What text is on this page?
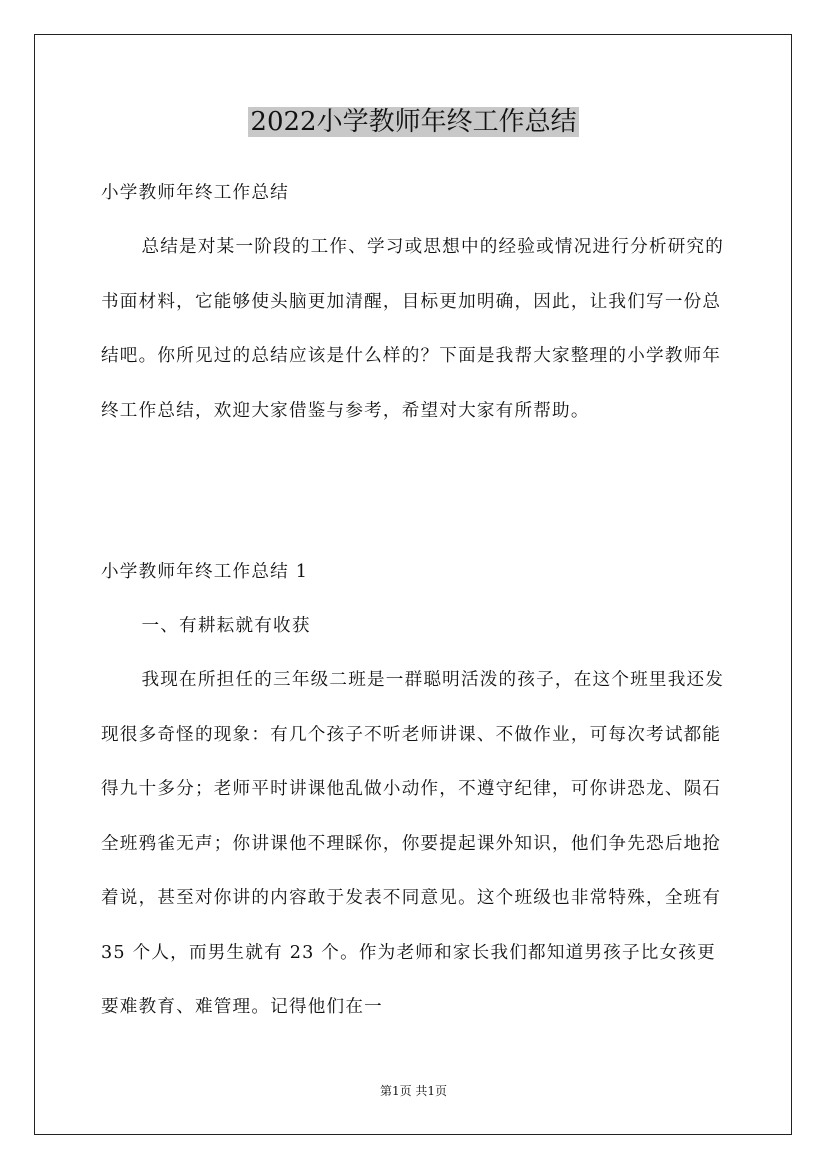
2022小学教师年终工作总结

小学教师年终工作总结

总结是对某一阶段的工作、学习或思想中的经验或情况进行分析研究的书面材料，它能够使头脑更加清醒，目标更加明确，因此，让我们写一份总结吧。你所见过的总结应该是什么样的？下面是我帮大家整理的小学教师年终工作总结，欢迎大家借鉴与参考，希望对大家有所帮助。

小学教师年终工作总结 1

一、有耕耘就有收获

我现在所担任的三年级二班是一群聪明活泼的孩子，在这个班里我还发现很多奇怪的现象：有几个孩子不听老师讲课、不做作业，可每次考试都能得九十多分；老师平时讲课他乱做小动作，不遵守纪律，可你讲恐龙、陨石全班鸦雀无声；你讲课他不理睬你，你要提起课外知识，他们争先恐后地抢着说，甚至对你讲的内容敢于发表不同意见。这个班级也非常特殊，全班有 35 个人，而男生就有 23 个。作为老师和家长我们都知道男孩子比女孩更要难教育、难管理。记得他们在一

第1页 共1页
